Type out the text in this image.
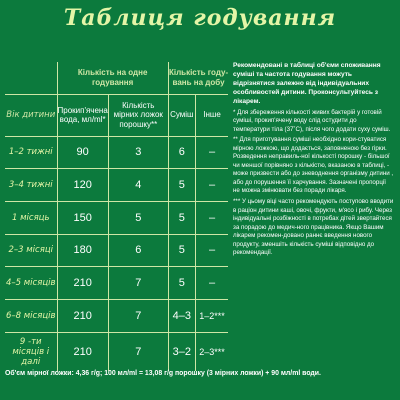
Таблиця годування
	Кількість на одне годування		Кількість году-вань на добу	
Вік дитини	Прокип'ячена вода, мл/ml*	Кількість мірних ложок порошку**	Суміш	Інше
1–2 тижні	90	3	6	–
3–4 тижні	120	4	5	–
1 місяць	150	5	5	–
2–3 місяці	180	6	5	–
4–5 місяців	210	7	5	–
6–8 місяців	210	7	4–3	1–2***
9 -ти місяців і далі	210	7	3–2	2–3***

Рекомендовані в таблиці об'єми споживання суміші та частота годування можуть відрізнятися залежно від індивідуальних особливостей дитини. Проконсультуйтесь з лікарем.

* Для збереження кількості живих бактерій у готовій суміші, прокип'ячену воду слід остудити до температури тіла (37˚С), після чого додати суху суміш.

** Для приготування суміші необхідно кори-стуватися мірною ложкою, що додається, заповненою без гірки. Розведення неправиль-ної кількості порошку - більшої чи меншої порівняно з кількістю, вказаною в таблиці, - може призвести або до зневоднення організму дитини , або до порушення її харчування. Зазначені пропорції не можна змінювати без поради лікаря.

*** У цьому віці часто рекомендують поступово вводити в раціон дитини каші, овочі, фрукти, м'ясо і рибу. Через індивідуальні розбіжності в потребах дітей звертайтеся за порадою до медич-ного працівника. Якщо Вашим лікарем рекомен-довано раннє введення нового продукту, зменшіть кількість суміші відповідно до рекомендації.

Об'єм мірної ложки: 4,36 г/g; 100 мл/ml = 13,08 г/g порошку (3 мірних ложки) + 90 мл/ml води.
